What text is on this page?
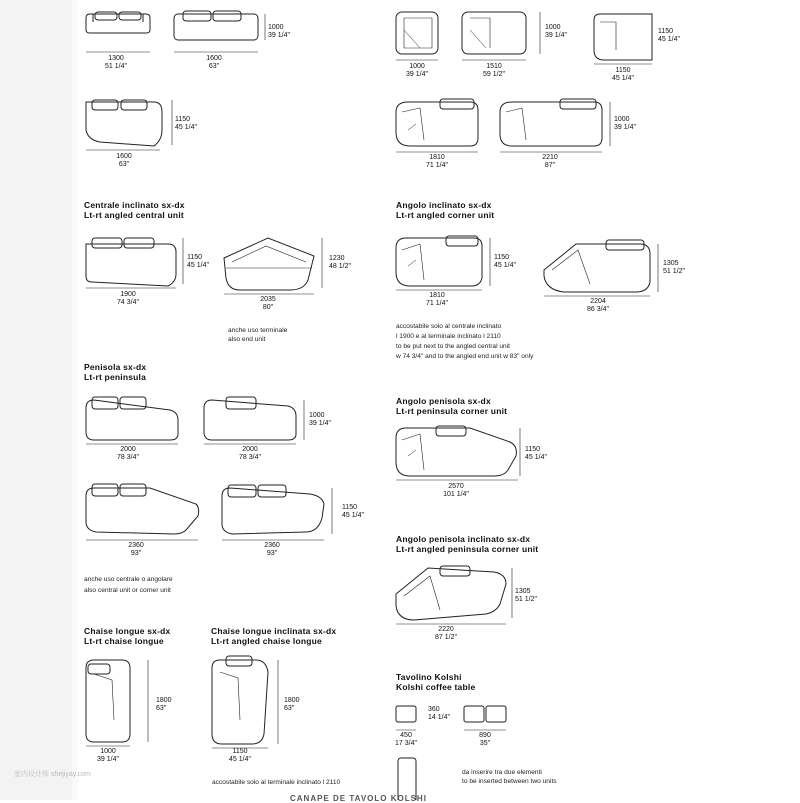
1300
51 1/4"
1600
63"
1000
39 1/4"
1150
45 1/4"
1600
63"
1000
39 1/4"
1510
59 1/2"
1000
39 1/4"
1150
45 1/4"
1150
45 1/4"
1810
71 1/4"
2210
87"
1000
39 1/4"
Centrale inclinato sx-dx
Lt-rt angled central unit
1900
74 3/4"
1150
45 1/4"
2035
80"
1230
48 1/2"
anche uso terminale
also end unit
Angolo inclinato sx-dx
Lt-rt angled corner unit
1810
71 1/4"
1150
45 1/4"
2204
86 3/4"
1305
51 1/2"
accostabile solo al centrale inclinato
l 1900 e al terminale inclinato l 2110
to be put next to the angled central unit
w 74 3/4" and to the angled end unit w 83" only
Penisola sx-dx
Lt-rt peninsula
2000
78 3/4"
2000
78 3/4"
1000
39 1/4"
2360
93"
2360
93"
1150
45 1/4"
anche uso centrale o angolare
also central unit or corner unit
Angolo penisola sx-dx
Lt-rt peninsula corner unit
2570
101 1/4"
1150
45 1/4"
Angolo penisola inclinato sx-dx
Lt-rt angled peninsula corner unit
2220
87 1/2"
1305
51 1/2"
Chaise longue sx-dx
Lt-rt chaise longue
1000
39 1/4"
1800
63"
Chaise longue inclinata sx-dx
Lt-rt angled chaise longue
1150
45 1/4"
1800
63"
accostabile solo al terminale inclinato l 2110
Tavolino Kolshi
Kolshi coffee table
360
14 1/4"
450
17 3/4"
890
35"
da inserire tra due elementi
to be inserted between two units
室内设计师 shejiyay.com
CANAPE DE TAVOLO KOLSHI
